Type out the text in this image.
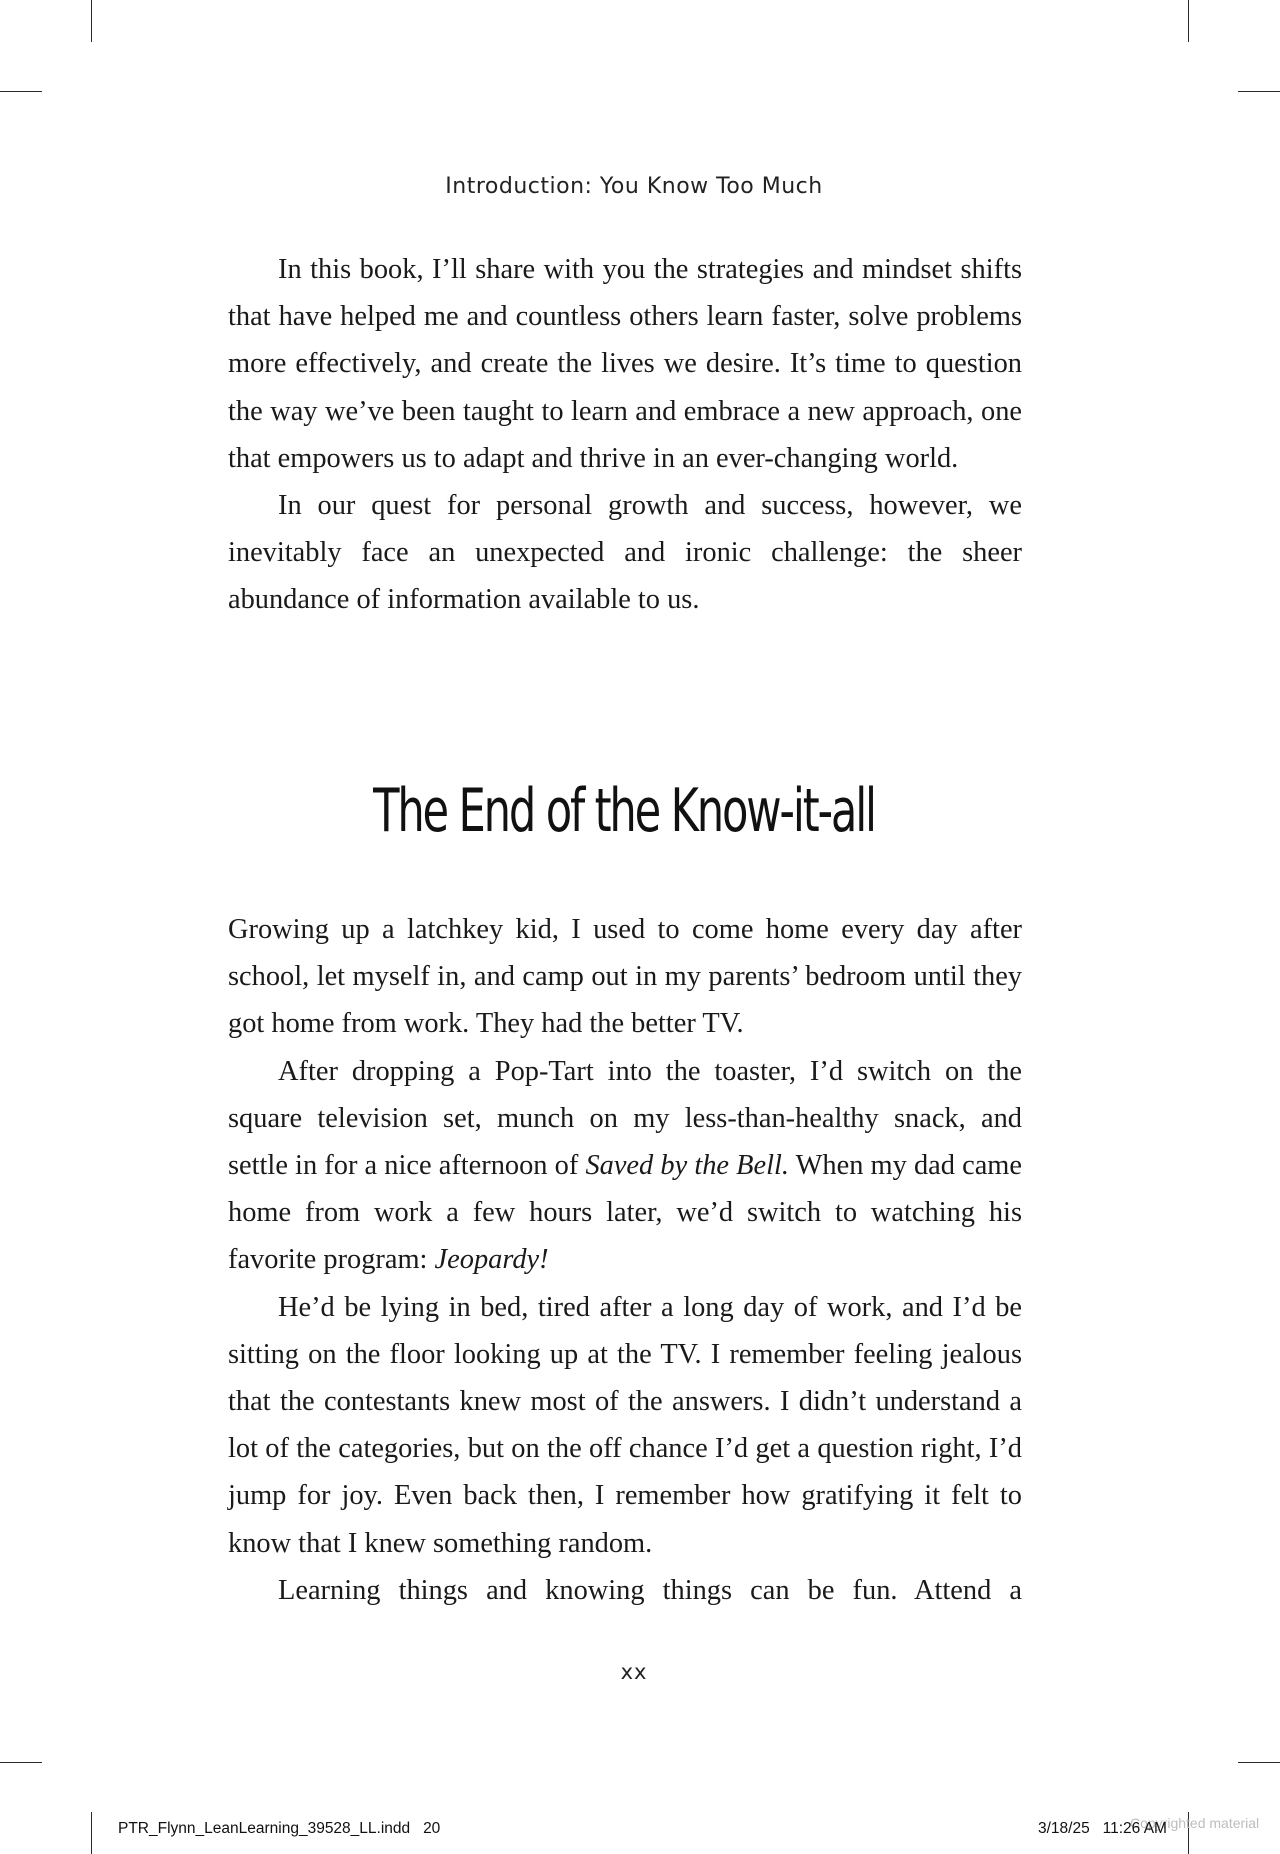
Introduction: You Know Too Much

In this book, I’ll share with you the strategies and mindset shifts that have helped me and countless others learn faster, solve problems more effectively, and create the lives we desire. It’s time to question the way we’ve been taught to learn and embrace a new approach, one that empowers us to adapt and thrive in an ever-changing world.

In our quest for personal growth and success, however, we inevitably face an unexpected and ironic challenge: the sheer abundance of information available to us.

The End of the Know-it-all

Growing up a latchkey kid, I used to come home every day after school, let myself in, and camp out in my parents’ bedroom until they got home from work. They had the better TV.

After dropping a Pop-Tart into the toaster, I’d switch on the square television set, munch on my less-than-healthy snack, and settle in for a nice afternoon of Saved by the Bell. When my dad came home from work a few hours later, we’d switch to watching his favorite program: Jeopardy!

He’d be lying in bed, tired after a long day of work, and I’d be sitting on the floor looking up at the TV. I remember feeling jealous that the contestants knew most of the answers. I didn’t understand a lot of the categories, but on the off chance I’d get a question right, I’d jump for joy. Even back then, I remember how gratifying it felt to know that I knew something random.

Learning things and knowing things can be fun. Attend a

xx
PTR_Flynn_LeanLearning_39528_LL.indd   20	Copyrighted material
3/18/25   11:26 AM
